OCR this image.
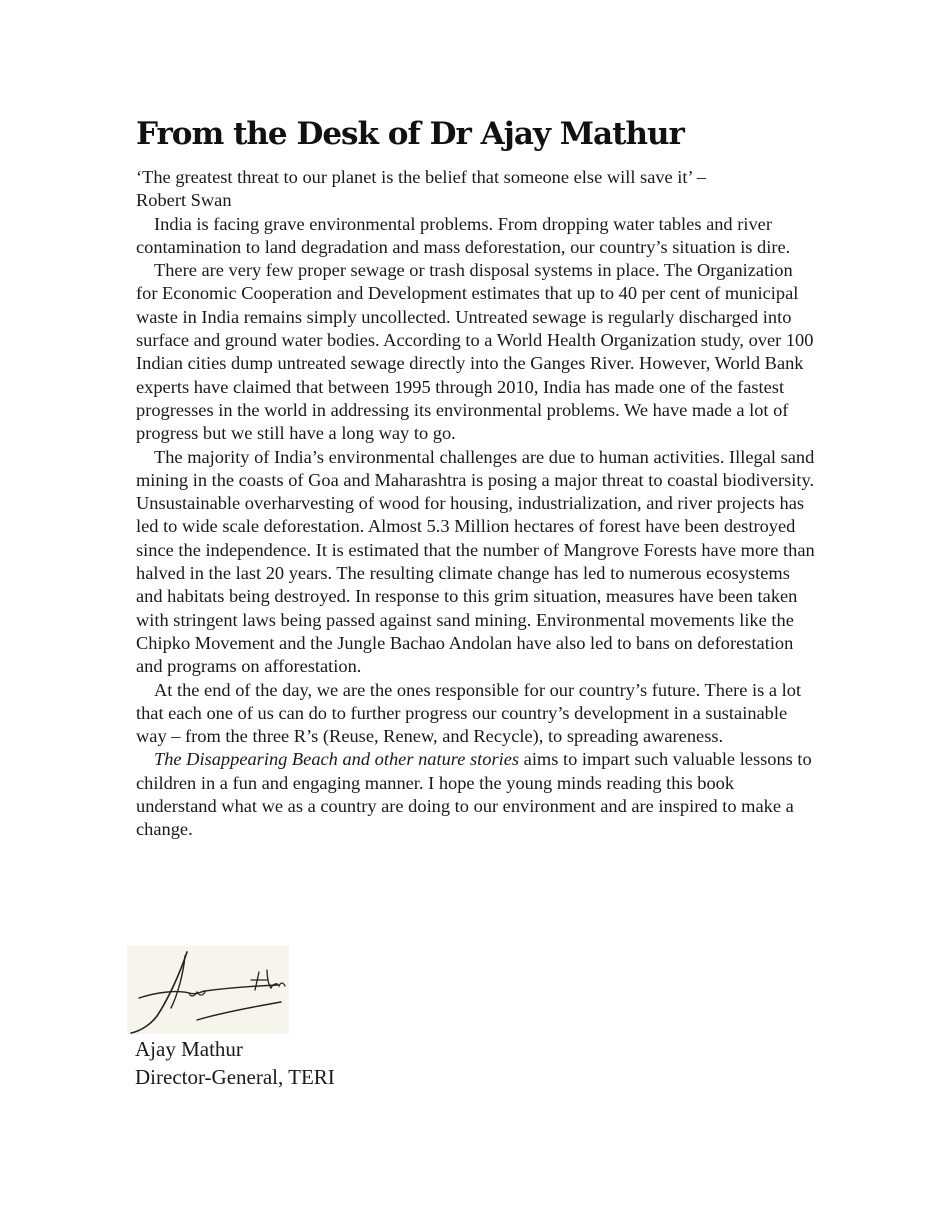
From the Desk of Dr Ajay Mathur

‘The greatest threat to our planet is the belief that someone else will save it’ –
Robert Swan

India is facing grave environmental problems. From dropping water tables and river contamination to land degradation and mass deforestation, our country’s situation is dire.

There are very few proper sewage or trash disposal systems in place. The Organization for Economic Cooperation and Development estimates that up to 40 per cent of municipal waste in India remains simply uncollected. Untreated sewage is regularly discharged into surface and ground water bodies. According to a World Health Organization study, over 100 Indian cities dump untreated sewage directly into the Ganges River. However, World Bank experts have claimed that between 1995 through 2010, India has made one of the fastest progresses in the world in addressing its environmental problems. We have made a lot of progress but we still have a long way to go.

The majority of India’s environmental challenges are due to human activities. Illegal sand mining in the coasts of Goa and Maharashtra is posing a major threat to coastal biodiversity. Unsustainable overharvesting of wood for housing, industrialization, and river projects has led to wide scale deforestation. Almost 5.3 Million hectares of forest have been destroyed since the independence. It is estimated that the number of Mangrove Forests have more than halved in the last 20 years. The resulting climate change has led to numerous ecosystems and habitats being destroyed. In response to this grim situation, measures have been taken with stringent laws being passed against sand mining. Environmental movements like the Chipko Movement and the Jungle Bachao Andolan have also led to bans on deforestation and programs on afforestation.

At the end of the day, we are the ones responsible for our country’s future. There is a lot that each one of us can do to further progress our country’s development in a sustainable way – from the three R’s (Reuse, Renew, and Recycle), to spreading awareness.

The Disappearing Beach and other nature stories aims to impart such valuable lessons to children in a fun and engaging manner. I hope the young minds reading this book understand what we as a country are doing to our environment and are inspired to make a change.

Ajay Mathur
Director-General, TERI
